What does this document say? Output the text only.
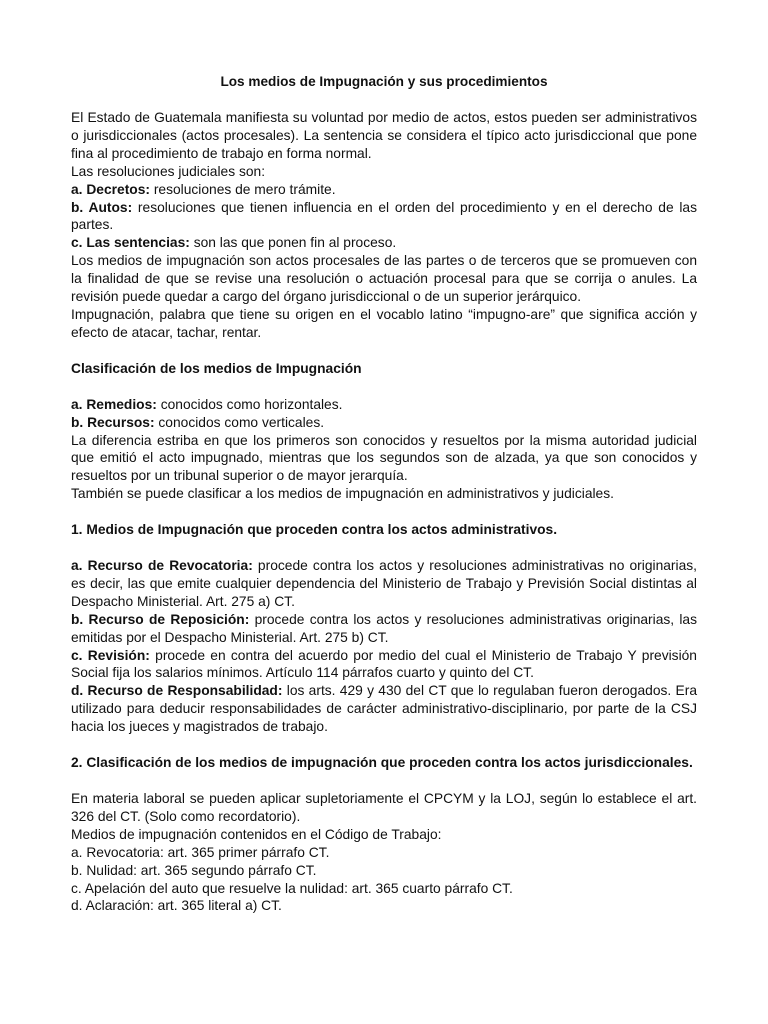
Los medios de Impugnación y sus procedimientos

El Estado de Guatemala manifiesta su voluntad por medio de actos, estos pueden ser administrativos o jurisdiccionales (actos procesales). La sentencia se considera el típico acto jurisdiccional que pone fina al procedimiento de trabajo en forma normal.

Las resoluciones judiciales son:

a. Decretos: resoluciones de mero trámite.

b. Autos: resoluciones que tienen influencia en el orden del procedimiento y en el derecho de las partes.

c. Las sentencias: son las que ponen fin al proceso.

Los medios de impugnación son actos procesales de las partes o de terceros que se promueven con la finalidad de que se revise una resolución o actuación procesal para que se corrija o anules. La revisión puede quedar a cargo del órgano jurisdiccional o de un superior jerárquico.

Impugnación, palabra que tiene su origen en el vocablo latino “impugno-are” que significa acción y efecto de atacar, tachar, rentar.

Clasificación de los medios de Impugnación

a. Remedios: conocidos como horizontales.

b. Recursos: conocidos como verticales.

La diferencia estriba en que los primeros son conocidos y resueltos por la misma autoridad judicial que emitió el acto impugnado, mientras que los segundos son de alzada, ya que son conocidos y resueltos por un tribunal superior o de mayor jerarquía.

También se puede clasificar a los medios de impugnación en administrativos y judiciales.

1. Medios de Impugnación que proceden contra los actos administrativos.

a. Recurso de Revocatoria: procede contra los actos y resoluciones administrativas no originarias, es decir, las que emite cualquier dependencia del Ministerio de Trabajo y Previsión Social distintas al Despacho Ministerial. Art. 275 a) CT.

b. Recurso de Reposición: procede contra los actos y resoluciones administrativas originarias, las emitidas por el Despacho Ministerial. Art. 275 b) CT.

c. Revisión: procede en contra del acuerdo por medio del cual el Ministerio de Trabajo Y previsión Social fija los salarios mínimos. Artículo 114 párrafos cuarto y quinto del CT.

d. Recurso de Responsabilidad: los arts. 429 y 430 del CT que lo regulaban fueron derogados. Era utilizado para deducir responsabilidades de carácter administrativo-disciplinario, por parte de la CSJ hacia los jueces y magistrados de trabajo.

2. Clasificación de los medios de impugnación que proceden contra los actos jurisdiccionales.

En materia laboral se pueden aplicar supletoriamente el CPCYM y la LOJ, según lo establece el art. 326 del CT. (Solo como recordatorio).

Medios de impugnación contenidos en el Código de Trabajo:

a. Revocatoria: art. 365 primer párrafo CT.

b. Nulidad: art. 365 segundo párrafo CT.

c. Apelación del auto que resuelve la nulidad: art. 365 cuarto párrafo CT.

d. Aclaración: art. 365 literal a) CT.
